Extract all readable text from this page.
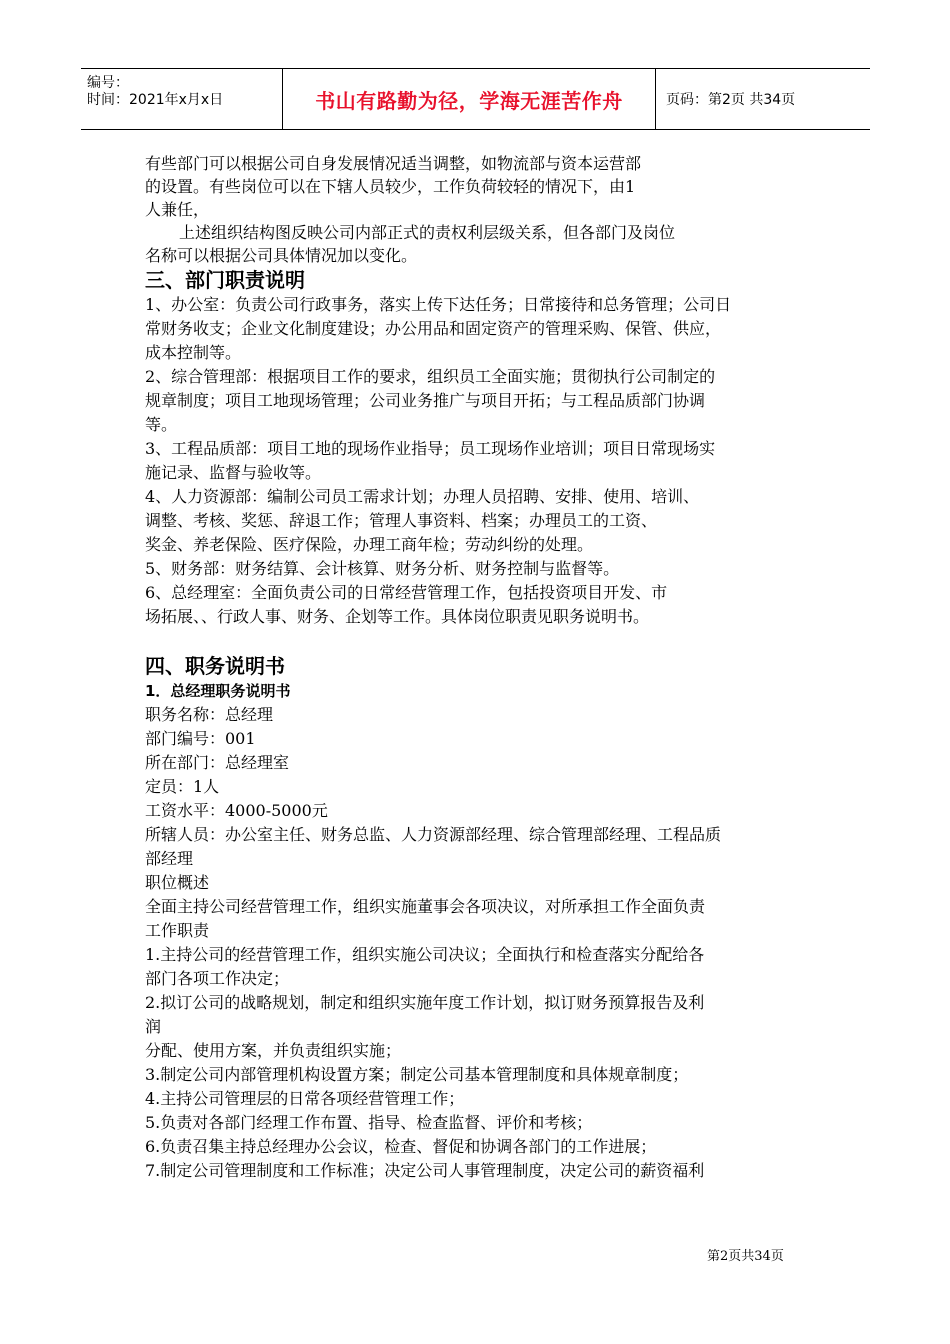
编号：
时间：2021年x月x日	书山有路勤为径，学海无涯苦作舟	页码：第2页 共34页
有些部门可以根据公司自身发展情况适当调整，如物流部与资本运营部
的设置。有些岗位可以在下辖人员较少，工作负荷较轻的情况下，由1
人兼任，
上述组织结构图反映公司内部正式的责权利层级关系，但各部门及岗位
名称可以根据公司具体情况加以变化。
三、部门职责说明
1、办公室：负责公司行政事务，落实上传下达任务；日常接待和总务管理；公司日
常财务收支；企业文化制度建设；办公用品和固定资产的管理采购、保管、供应，
成本控制等。
2、综合管理部：根据项目工作的要求，组织员工全面实施；贯彻执行公司制定的
规章制度；项目工地现场管理；公司业务推广与项目开拓；与工程品质部门协调
等。
3、工程品质部：项目工地的现场作业指导；员工现场作业培训；项目日常现场实
施记录、监督与验收等。
4、人力资源部：编制公司员工需求计划；办理人员招聘、安排、使用、培训、
调整、考核、奖惩、辞退工作；管理人事资料、档案；办理员工的工资、
奖金、养老保险、医疗保险，办理工商年检；劳动纠纷的处理。
5、财务部：财务结算、会计核算、财务分析、财务控制与监督等。
6、总经理室：全面负责公司的日常经营管理工作，包括投资项目开发、市
场拓展、、行政人事、财务、企划等工作。具体岗位职责见职务说明书。
四、职务说明书
1．总经理职务说明书
职务名称：总经理
部门编号：001
所在部门：总经理室
定员：1人
工资水平：4000-5000元
所辖人员：办公室主任、财务总监、人力资源部经理、综合管理部经理、工程品质
部经理
职位概述
全面主持公司经营管理工作，组织实施董事会各项决议，对所承担工作全面负责
工作职责
1.主持公司的经营管理工作，组织实施公司决议；全面执行和检查落实分配给各
部门各项工作决定；
2.拟订公司的战略规划，制定和组织实施年度工作计划，拟订财务预算报告及利
润
分配、使用方案，并负责组织实施；
3.制定公司内部管理机构设置方案；制定公司基本管理制度和具体规章制度；
4.主持公司管理层的日常各项经营管理工作；
5.负责对各部门经理工作布置、指导、检查监督、评价和考核；
6.负责召集主持总经理办公会议，检查、督促和协调各部门的工作进展；
7.制定公司管理制度和工作标准；决定公司人事管理制度，决定公司的薪资福利
第2页共34页
